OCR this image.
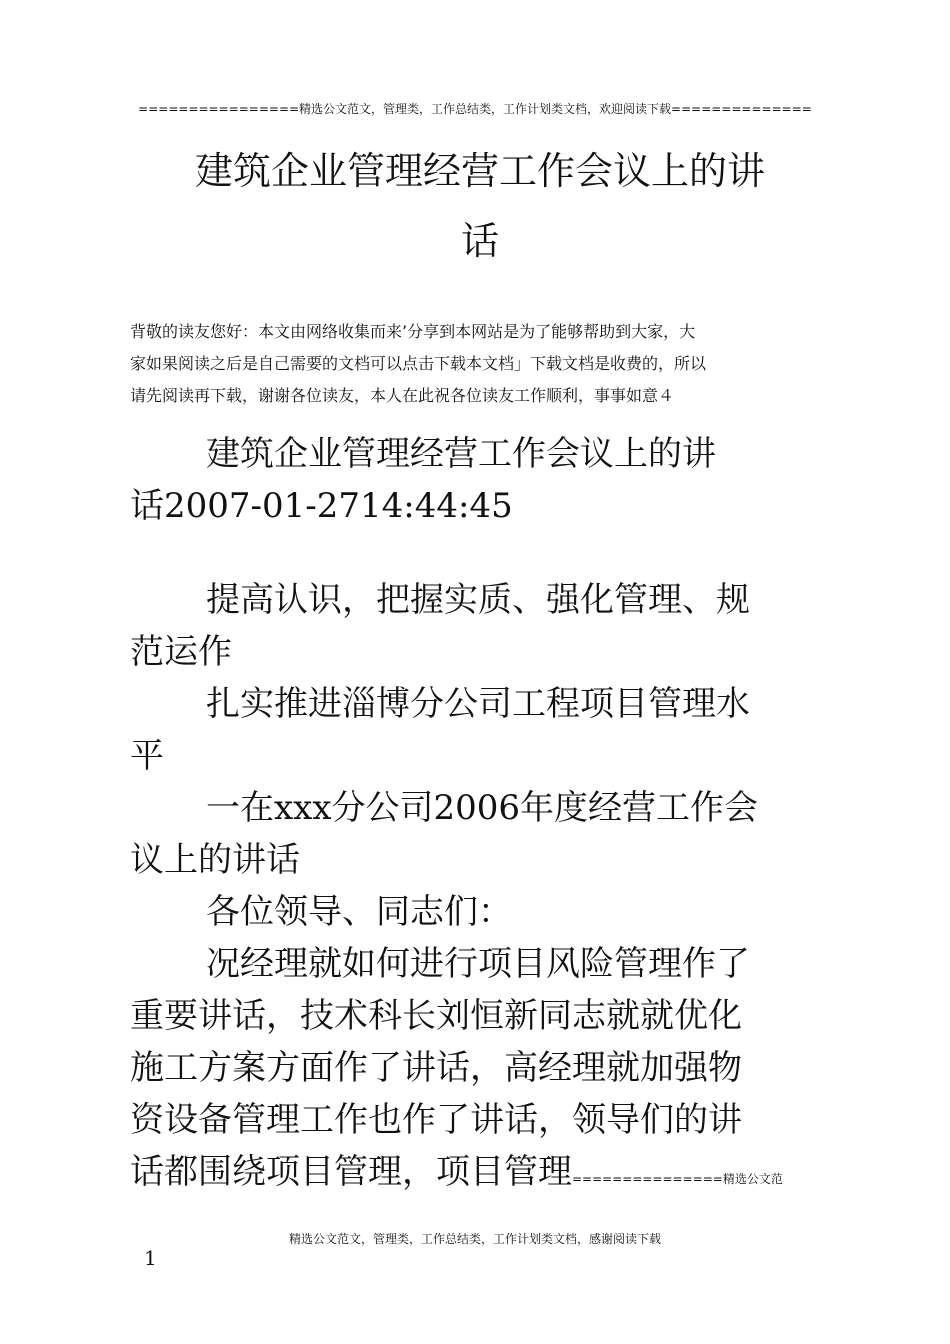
================精选公文范文，管理类，工作总结类，工作计划类文档，欢迎阅读下载==============
建筑企业管理经营工作会议上的讲
话
背敬的读友您好：本文由网络收集而来’分享到本网站是为了能够帮助到大家，大
家如果阅读之后是自己需要的文档可以点击下载本文档」下载文档是收费的，所以
请先阅读再下载，谢谢各位读友，本人在此祝各位读友工作顺利，事事如意４
建筑企业管理经营工作会议上的讲
话2007-01-2714:44:45
提高认识，把握实质、强化管理、规
范运作
扎实推进淄博分公司工程项目管理水
平
一在xxx分公司2006年度经营工作会
议上的讲话
各位领导、同志们：
况经理就如何进行项目风险管理作了
重要讲话，技术科长刘恒新同志就就优化
施工方案方面作了讲话，高经理就加强物
资设备管理工作也作了讲话，领导们的讲
话都围绕项目管理，项目管理===============精选公文范
精选公文范文，管理类，工作总结类，工作计划类文档，感谢阅读下载
1
